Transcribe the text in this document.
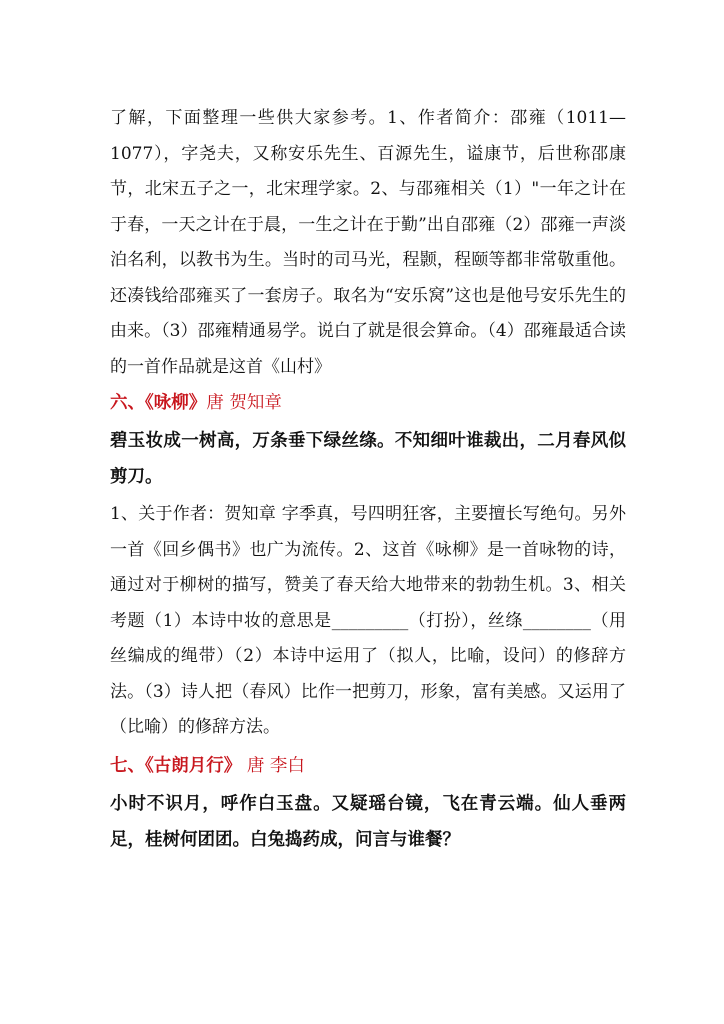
了解，下面整理一些供大家参考。1、作者简介：邵雍（1011—1077），字尧夫，又称安乐先生、百源先生，谥康节，后世称邵康节，北宋五子之一，北宋理学家。2、与邵雍相关（1）"一年之计在于春，一天之计在于晨，一生之计在于勤”出自邵雍（2）邵雍一声淡泊名利，以教书为生。当时的司马光，程颢，程颐等都非常敬重他。还凑钱给邵雍买了一套房子。取名为“安乐窝”这也是他号安乐先生的由来。（3）邵雍精通易学。说白了就是很会算命。（4）邵雍最适合读的一首作品就是这首《山村》

六、《咏柳》唐 贺知章

碧玉妆成一树高，万条垂下绿丝绦。不知细叶谁裁出，二月春风似剪刀。

1、关于作者：贺知章 字季真，号四明狂客，主要擅长写绝句。另外一首《回乡偶书》也广为流传。2、这首《咏柳》是一首咏物的诗，通过对于柳树的描写，赞美了春天给大地带来的勃勃生机。3、相关考题（1）本诗中妆的意思是_________（打扮），丝绦________（用丝编成的绳带）（2）本诗中运用了（拟人，比喻，设问）的修辞方法。（3）诗人把（春风）比作一把剪刀，形象，富有美感。又运用了（比喻）的修辞方法。

七、《古朗月行》 唐 李白

小时不识月，呼作白玉盘。又疑瑶台镜，飞在青云端。仙人垂两足，桂树何团团。白兔捣药成，问言与谁餐？
